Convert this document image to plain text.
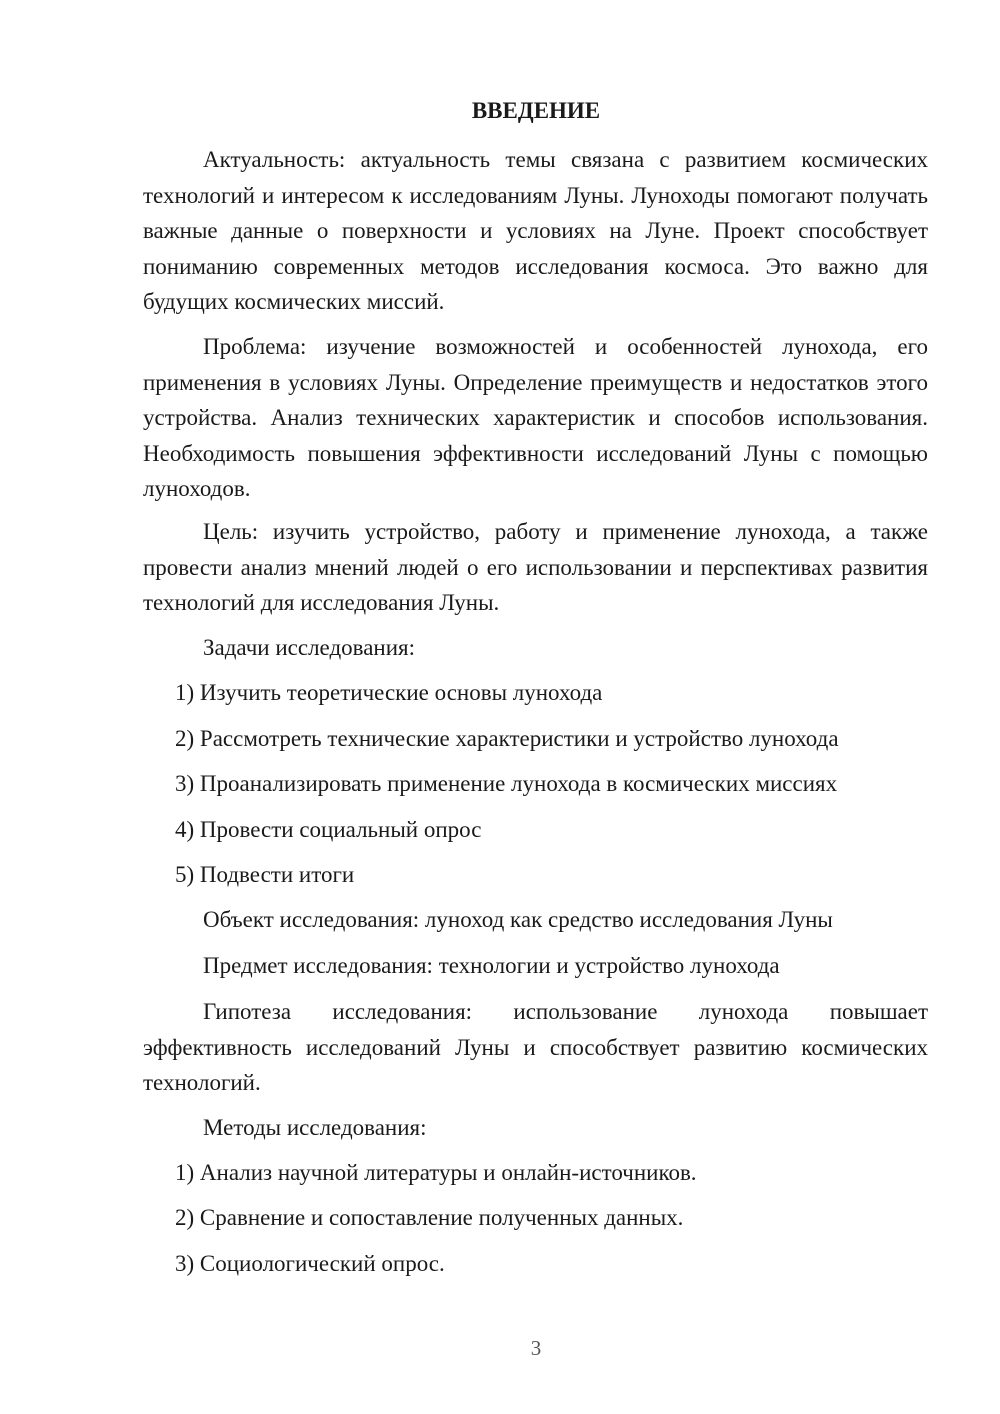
ВВЕДЕНИЕ

Актуальность: актуальность темы связана с развитием космических технологий и интересом к исследованиям Луны. Луноходы помогают получать важные данные о поверхности и условиях на Луне. Проект способствует пониманию современных методов исследования космоса. Это важно для будущих космических миссий.

Проблема: изучение возможностей и особенностей лунохода, его применения в условиях Луны. Определение преимуществ и недостатков этого устройства. Анализ технических характеристик и способов использования. Необходимость повышения эффективности исследований Луны с помощью луноходов.

Цель: изучить устройство, работу и применение лунохода, а также провести анализ мнений людей о его использовании и перспективах развития технологий для исследования Луны.

Задачи исследования:

1) Изучить теоретические основы лунохода

2) Рассмотреть технические характеристики и устройство лунохода

3) Проанализировать применение лунохода в космических миссиях

4) Провести социальный опрос

5) Подвести итоги

Объект исследования: луноход как средство исследования Луны

Предмет исследования: технологии и устройство лунохода

Гипотеза исследования: использование лунохода повышает эффективность исследований Луны и способствует развитию космических технологий.

Методы исследования:

1) Анализ научной литературы и онлайн-источников.

2) Сравнение и сопоставление полученных данных.

3) Социологический опрос.

3
